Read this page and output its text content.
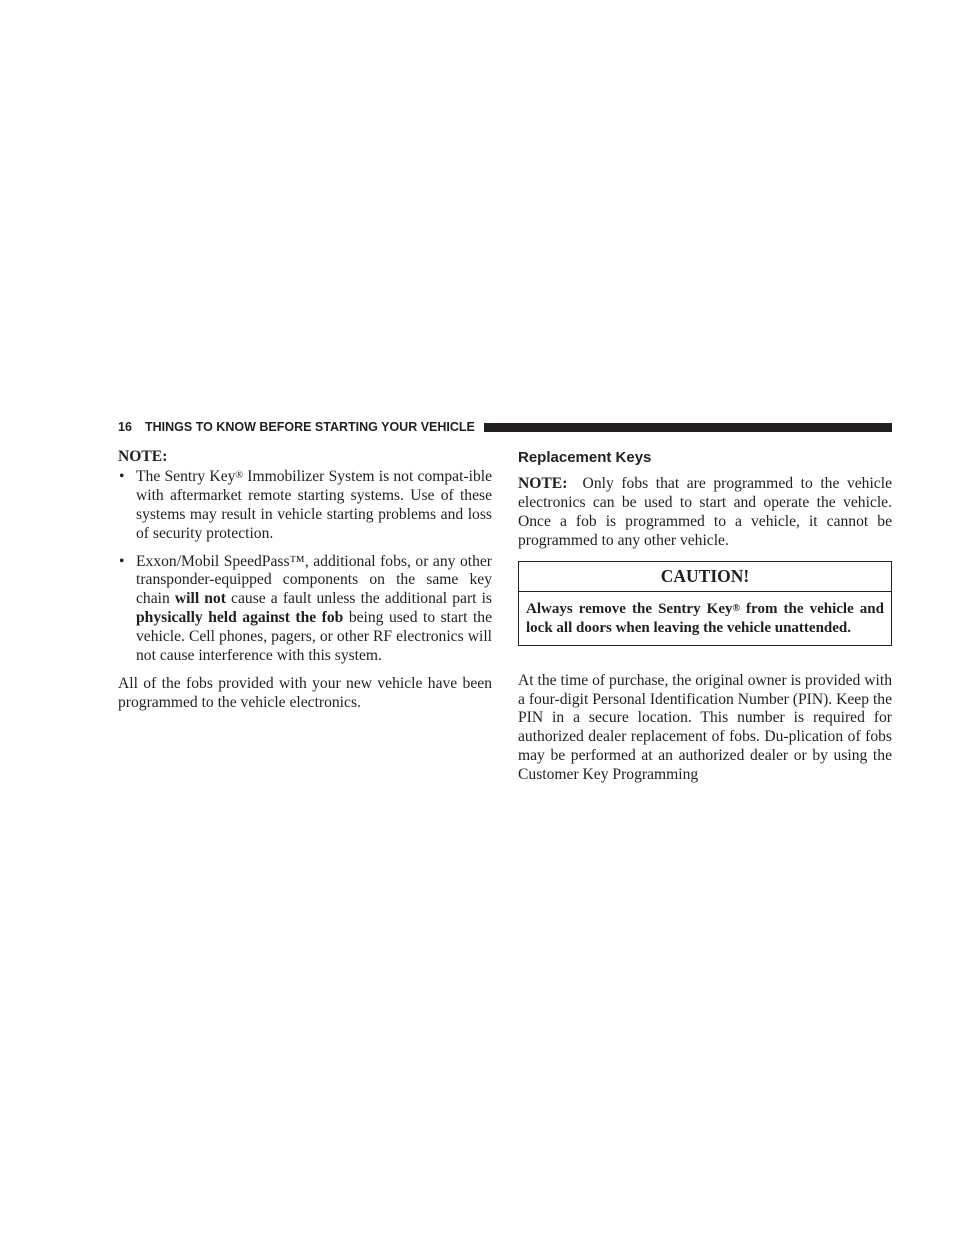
16 THINGS TO KNOW BEFORE STARTING YOUR VEHICLE
NOTE:
• The Sentry Key® Immobilizer System is not compat-ible with aftermarket remote starting systems. Use of these systems may result in vehicle starting problems and loss of security protection.
• Exxon/Mobil SpeedPass™, additional fobs, or any other transponder-equipped components on the same key chain will not cause a fault unless the additional part is physically held against the fob being used to start the vehicle. Cell phones, pagers, or other RF electronics will not cause interference with this system.

All of the fobs provided with your new vehicle have been programmed to the vehicle electronics.

Replacement Keys

NOTE:  Only fobs that are programmed to the vehicle electronics can be used to start and operate the vehicle. Once a fob is programmed to a vehicle, it cannot be programmed to any other vehicle.

CAUTION!
Always remove the Sentry Key® from the vehicle and lock all doors when leaving the vehicle unattended.

At the time of purchase, the original owner is provided with a four-digit Personal Identification Number (PIN). Keep the PIN in a secure location. This number is required for authorized dealer replacement of fobs. Du-plication of fobs may be performed at an authorized dealer or by using the Customer Key Programming
